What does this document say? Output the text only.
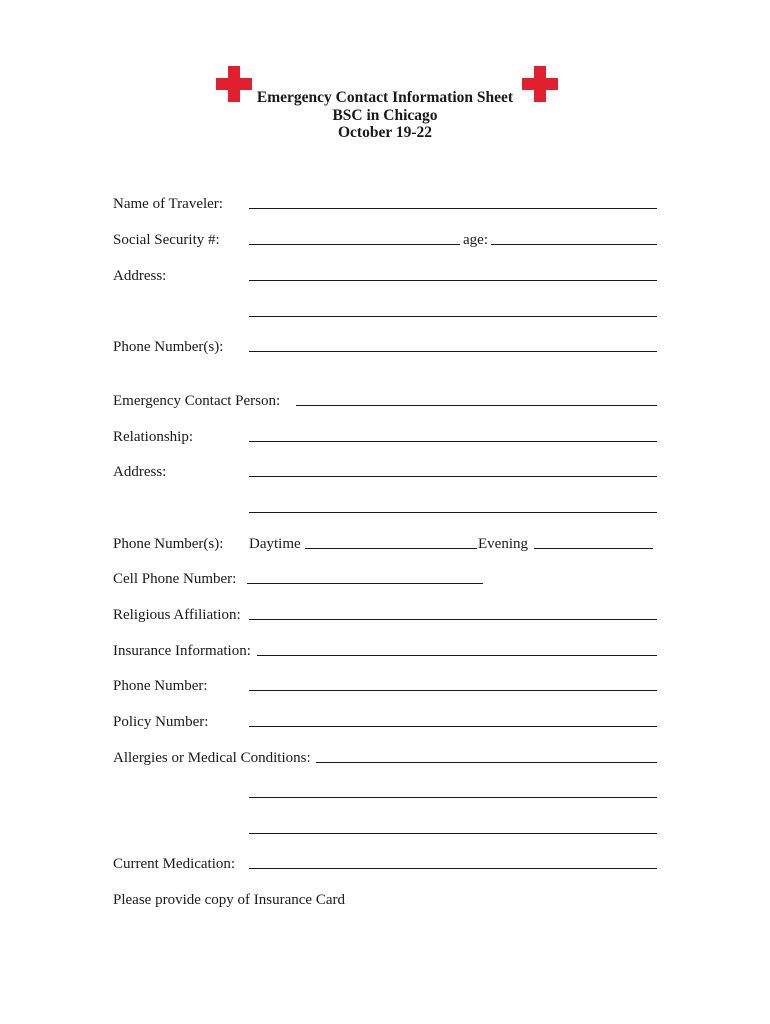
Emergency Contact Information Sheet
BSC in Chicago
October 19-22
Name of Traveler:
Social Security #:	age:
Address:
Phone Number(s):
Emergency Contact Person:
Relationship:
Address:
Phone Number(s): Daytime	Evening
Cell Phone Number:
Religious Affiliation:
Insurance Information:
Phone Number:
Policy Number:
Allergies or Medical Conditions:
Current Medication:
Please provide copy of Insurance Card
